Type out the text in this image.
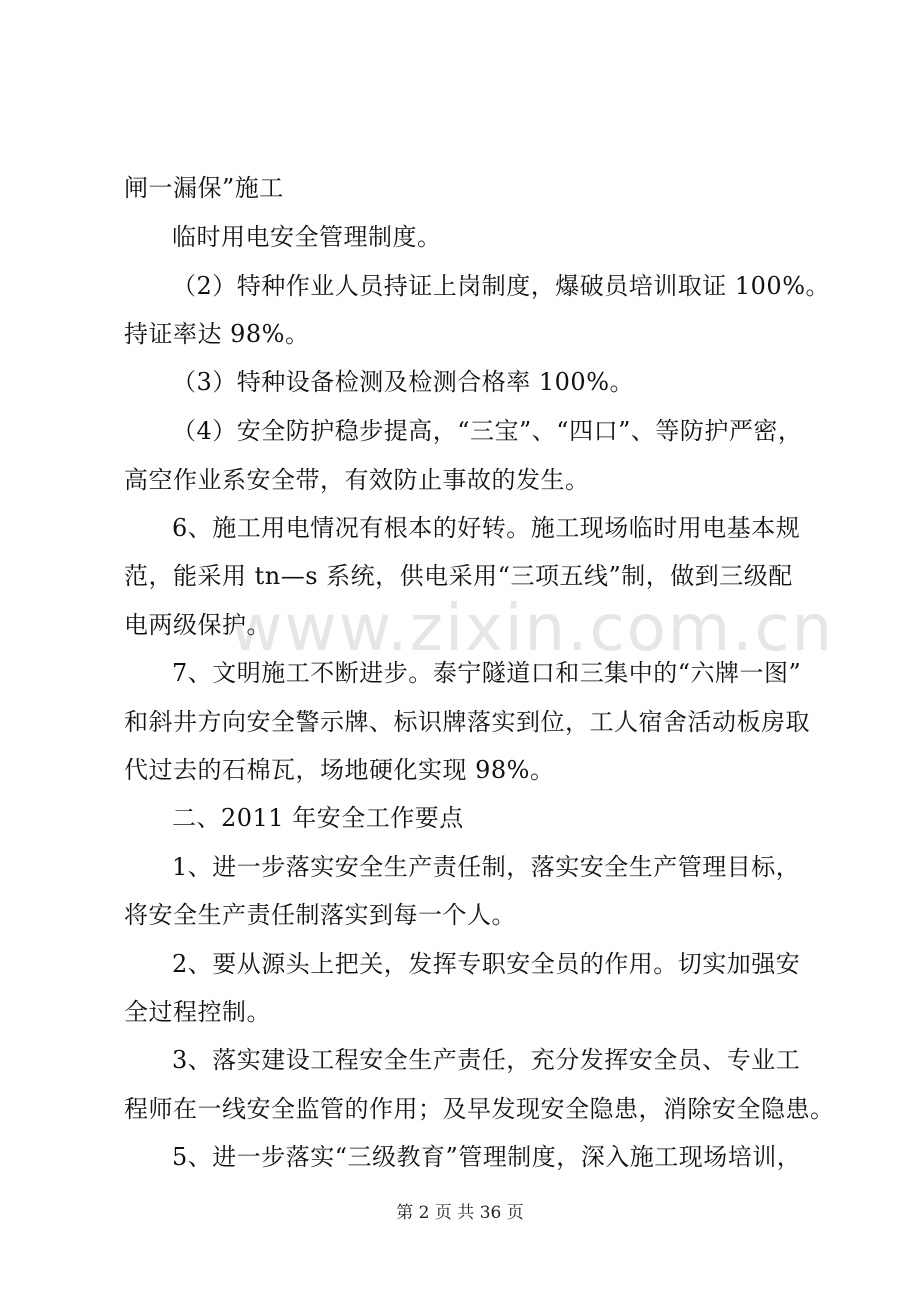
www.zixin.com.cn
闸一漏保”施工
临时用电安全管理制度。
（2）特种作业人员持证上岗制度，爆破员培训取证 100%。
持证率达 98%。
（3）特种设备检测及检测合格率 100%。
（4）安全防护稳步提高，“三宝”、“四口”、等防护严密，
高空作业系安全带，有效防止事故的发生。
6、施工用电情况有根本的好转。施工现场临时用电基本规
范，能采用 tn—s 系统，供电采用“三项五线”制，做到三级配
电两级保护。
7、文明施工不断进步。泰宁隧道口和三集中的“六牌一图”
和斜井方向安全警示牌、标识牌落实到位，工人宿舍活动板房取
代过去的石棉瓦，场地硬化实现 98%。
二、2011 年安全工作要点
1、进一步落实安全生产责任制，落实安全生产管理目标，
将安全生产责任制落实到每一个人。
2、要从源头上把关，发挥专职安全员的作用。切实加强安
全过程控制。
3、落实建设工程安全生产责任，充分发挥安全员、专业工
程师在一线安全监管的作用；及早发现安全隐患，消除安全隐患。
5、进一步落实“三级教育”管理制度，深入施工现场培训，
第 2 页 共 36 页
